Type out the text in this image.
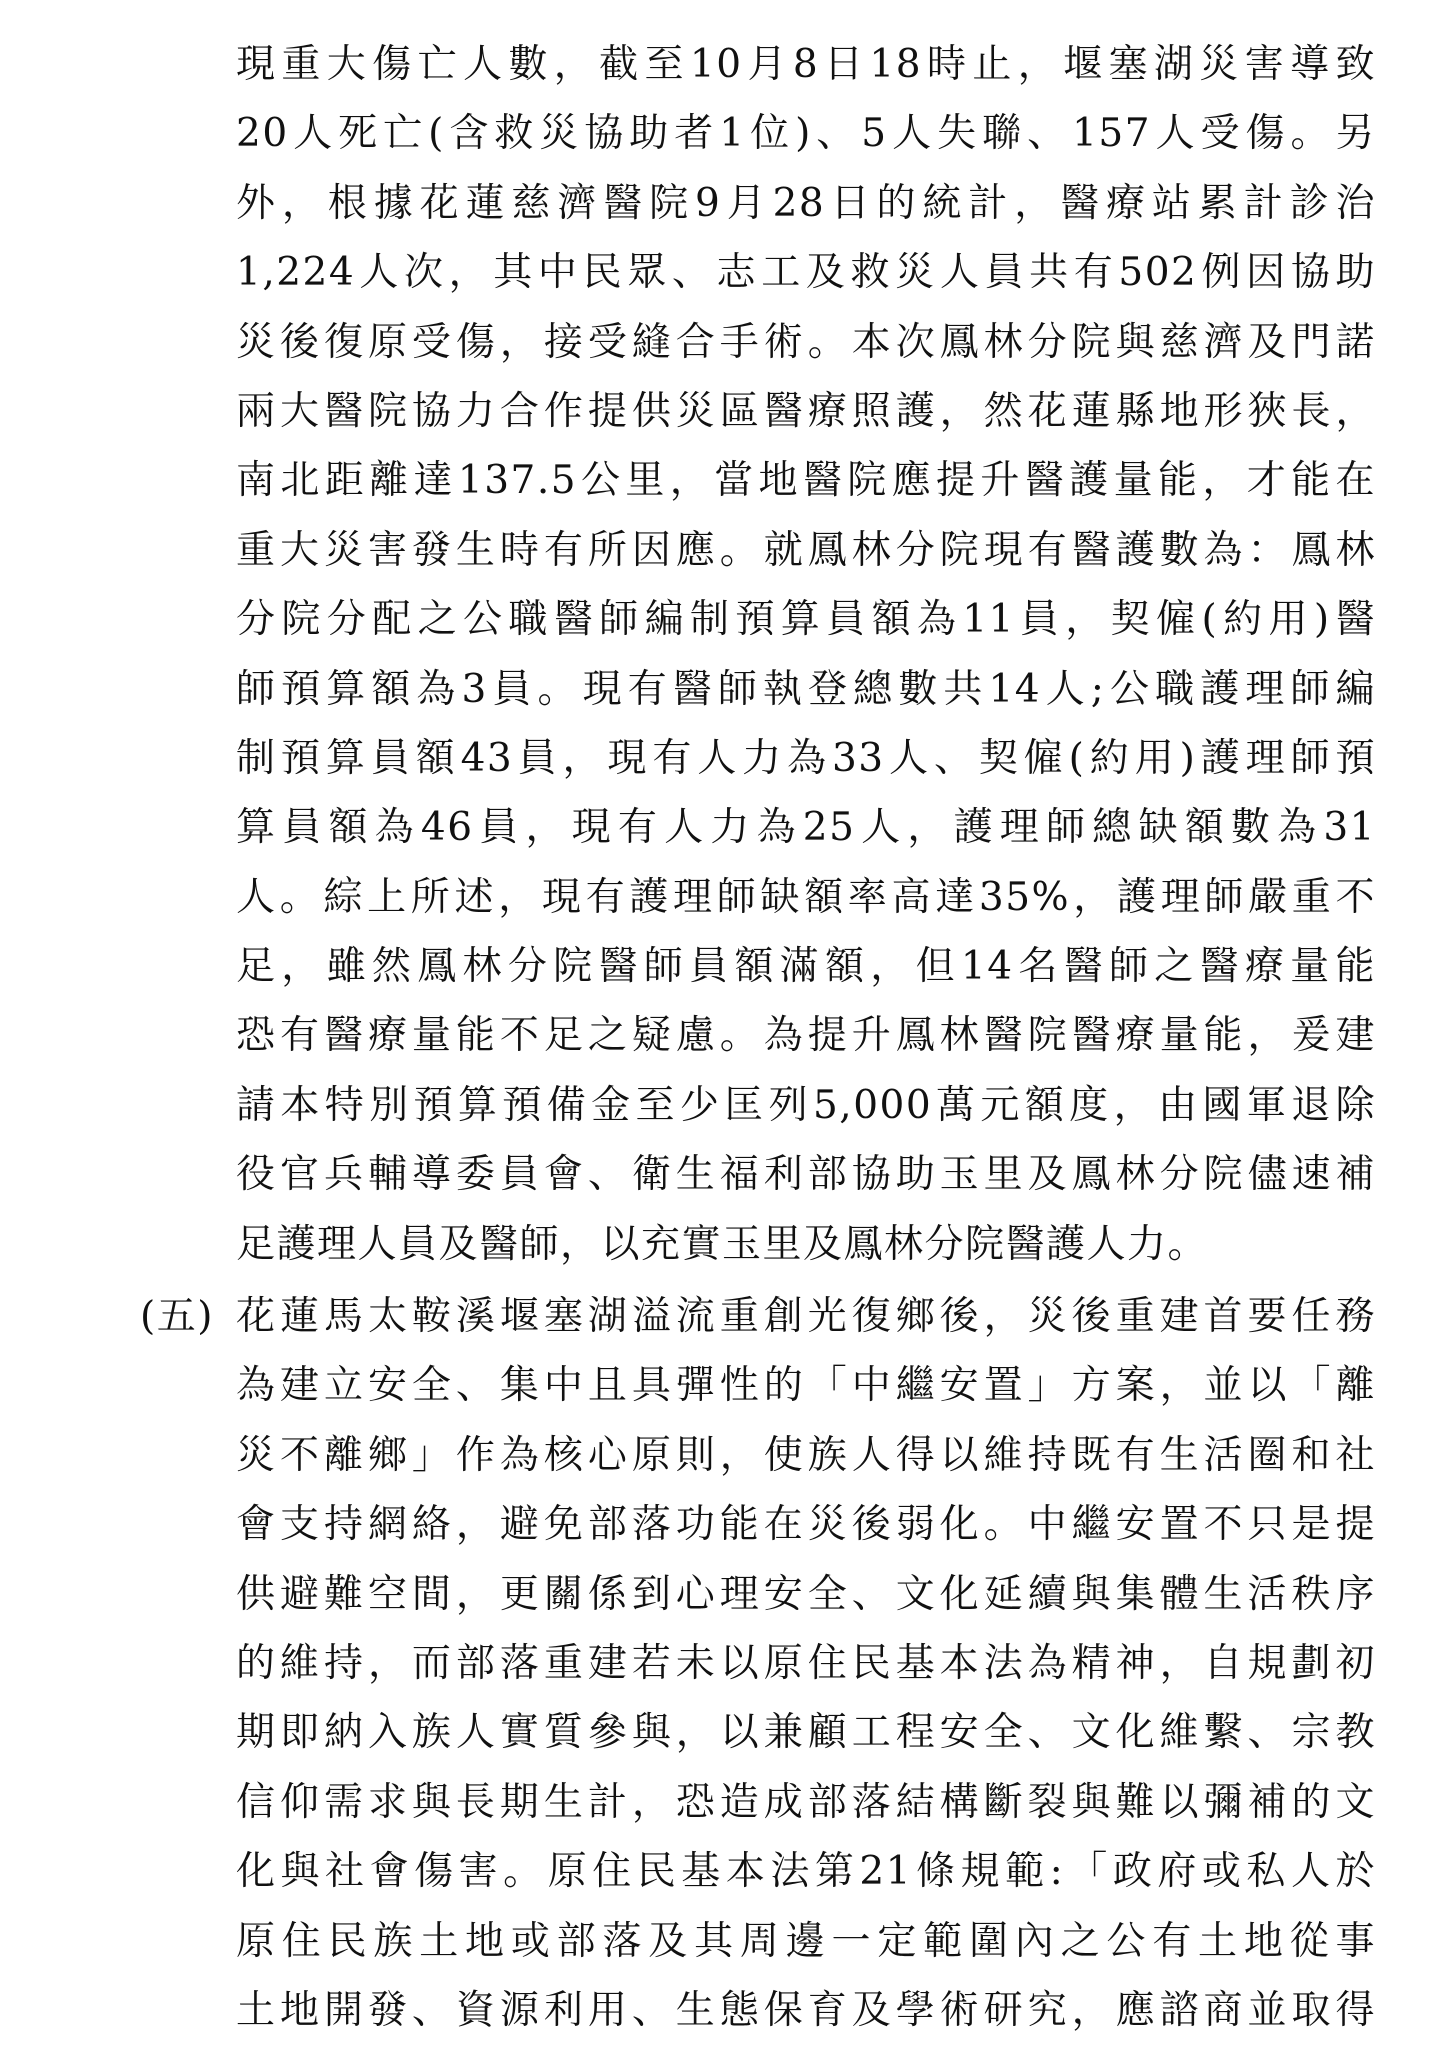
現重大傷亡人數，截至10月8日18時止，堰塞湖災害導致
20人死亡(含救災協助者1位)、5人失聯、157人受傷。另
外，根據花蓮慈濟醫院9月28日的統計，醫療站累計診治
1,224人次，其中民眾、志工及救災人員共有502例因協助
災後復原受傷，接受縫合手術。本次鳳林分院與慈濟及門諾
兩大醫院協力合作提供災區醫療照護，然花蓮縣地形狹長，
南北距離達137.5公里，當地醫院應提升醫護量能，才能在
重大災害發生時有所因應。就鳳林分院現有醫護數為：鳳林
分院分配之公職醫師編制預算員額為11員，契僱(約用)醫
師預算額為3員。現有醫師執登總數共14人;公職護理師編
制預算員額43員，現有人力為33人、契僱(約用)護理師預
算員額為46員，現有人力為25人，護理師總缺額數為31
人。綜上所述，現有護理師缺額率高達35%，護理師嚴重不
足，雖然鳳林分院醫師員額滿額，但14名醫師之醫療量能
恐有醫療量能不足之疑慮。為提升鳳林醫院醫療量能，爰建
請本特別預算預備金至少匡列5,000萬元額度，由國軍退除
役官兵輔導委員會、衛生福利部協助玉里及鳳林分院儘速補
足護理人員及醫師，以充實玉里及鳳林分院醫護人力。
(五) 花蓮馬太鞍溪堰塞湖溢流重創光復鄉後，災後重建首要任務
為建立安全、集中且具彈性的「中繼安置」方案，並以「離
災不離鄉」作為核心原則，使族人得以維持既有生活圈和社
會支持網絡，避免部落功能在災後弱化。中繼安置不只是提
供避難空間，更關係到心理安全、文化延續與集體生活秩序
的維持，而部落重建若未以原住民基本法為精神，自規劃初
期即納入族人實質參與，以兼顧工程安全、文化維繫、宗教
信仰需求與長期生計，恐造成部落結構斷裂與難以彌補的文
化與社會傷害。原住民基本法第21條規範:「政府或私人於
原住民族土地或部落及其周邊一定範圍內之公有土地從事
土地開發、資源利用、生態保育及學術研究，應諮商並取得
